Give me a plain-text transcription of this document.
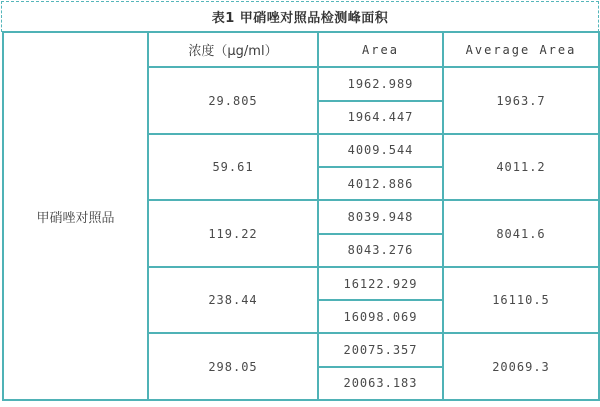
表1 甲硝唑对照品检测峰面积
甲硝唑对照品	浓度（μg/ml）	Area	Average Area
	29.805	1962.989	1963.7
		1964.447	
	59.61	4009.544	4011.2
		4012.886	
	119.22	8039.948	8041.6
		8043.276	
	238.44	16122.929	16110.5
		16098.069	
	298.05	20075.357	20069.3
		20063.183	
